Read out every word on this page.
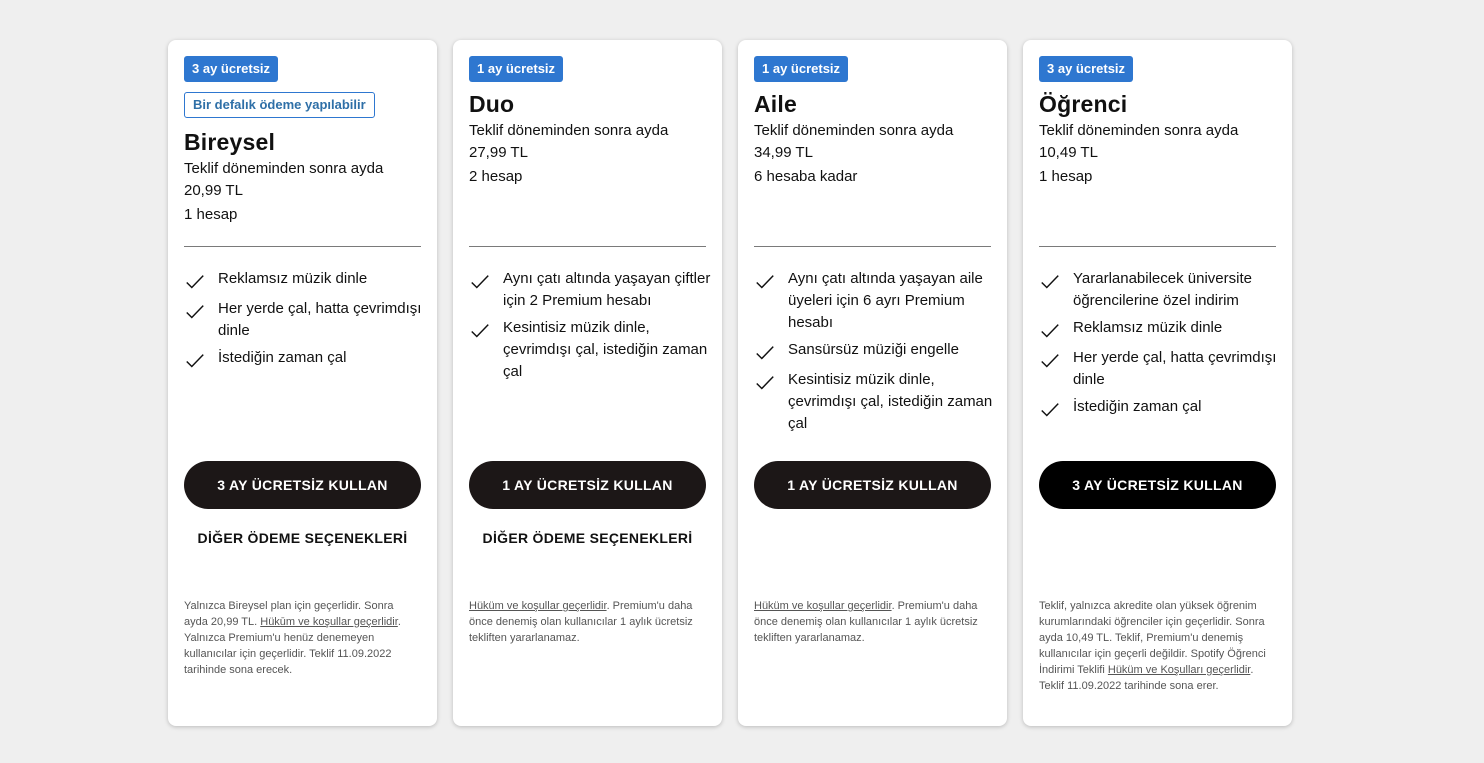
3 ay ücretsiz
Bir defalık ödeme yapılabilir
Bireysel
Teklif döneminden sonra ayda
20,99 TL
1 hesap
Reklamsız müzik dinle
Her yerde çal, hatta çevrimdışı dinle
İstediğin zaman çal
3 AY ÜCRETSİZ KULLAN
DİĞER ÖDEME SEÇENEKLERİ
Yalnızca Bireysel plan için geçerlidir. Sonra ayda 20,99 TL. Hükūm ve koşullar geçerlidir. Yalnızca Premium'u henüz denemeyen kullanıcılar için geçerlidir. Teklif 11.09.2022 tarihinde sona erecek.
1 ay ücretsiz
Duo
Teklif döneminden sonra ayda
27,99 TL
2 hesap
Aynı çatı altında yaşayan çiftler için 2 Premium hesabı
Kesintisiz müzik dinle, çevrimdışı çal, istediğin zaman çal
1 AY ÜCRETSİZ KULLAN
DİĞER ÖDEME SEÇENEKLERİ
Hüküm ve koşullar geçerlidir. Premium'u daha önce denemiş olan kullanıcılar 1 aylık ücretsiz tekliften yararlanamaz.
1 ay ücretsiz
Aile
Teklif döneminden sonra ayda
34,99 TL
6 hesaba kadar
Aynı çatı altında yaşayan aile üyeleri için 6 ayrı Premium hesabı
Sansürsüz müziği engelle
Kesintisiz müzik dinle, çevrimdışı çal, istediğin zaman çal
1 AY ÜCRETSİZ KULLAN
Hüküm ve koşullar geçerlidir. Premium'u daha önce denemiş olan kullanıcılar 1 aylık ücretsiz tekliften yararlanamaz.
3 ay ücretsiz
Öğrenci
Teklif döneminden sonra ayda
10,49 TL
1 hesap
Yararlanabilecek üniversite öğrencilerine özel indirim
Reklamsız müzik dinle
Her yerde çal, hatta çevrimdışı dinle
İstediğin zaman çal
3 AY ÜCRETSİZ KULLAN
Teklif, yalnızca akredite olan yüksek öğrenim kurumlarındaki öğrenciler için geçerlidir. Sonra ayda 10,49 TL. Teklif, Premium'u denemiş kullanıcılar için geçerli değildir. Spotify Öğrenci İndirimi Teklifi Hüküm ve Koşulları geçerlidir. Teklif 11.09.2022 tarihinde sona erer.
